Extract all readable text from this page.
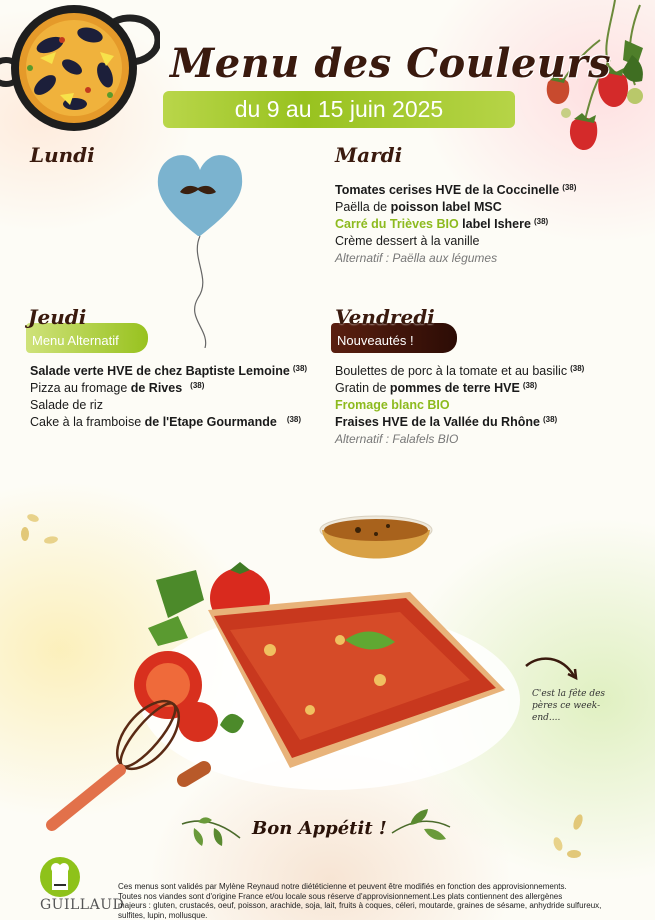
Menu des Couleurs
du 9 au 15 juin 2025
Lundi	Mardi
Tomates cerises HVE de la Coccinelle $^{(38)}$
Paëlla de poisson label MSC
Carré du Trièves BIO label Ishere $^{(38)}$
Crème dessert à la vanille
Alternatif : Paëlla aux légumes
Menu Alternatif
Jeudi
Salade verte HVE de chez Baptiste Lemoine $^{(38)}$
Pizza au fromage de Rives $^{(38)}$
Salade de riz
Cake à la framboise de l'Etape Gourmande $^{(38)}$
Nouveautés !
Vendredi
Boulettes de porc à la tomate et au basilic $^{(38)}$
Gratin de pommes de terre HVE $^{(38)}$
Fromage blanc BIO
Fraises HVE de la Vallée du Rhône $^{(38)}$
Alternatif : Falafels BIO
C'est la fête des pères ce week-end....
Bon Appétit !
GUILLAUD
Ces menus sont validés par Mylène Reynaud notre diététicienne et peuvent être modifiés en fonction des approvisionnements.
Toutes nos viandes sont d'origine France et/ou locale sous réserve d'approvisionnement.Les plats contiennent des allergènes
majeurs : gluten, crustacés, oeuf, poisson, arachide, soja, lait, fruits à coques, céleri, moutarde, graines de sésame, anhydride sulfureux,
sulfites, lupin, mollusque.
